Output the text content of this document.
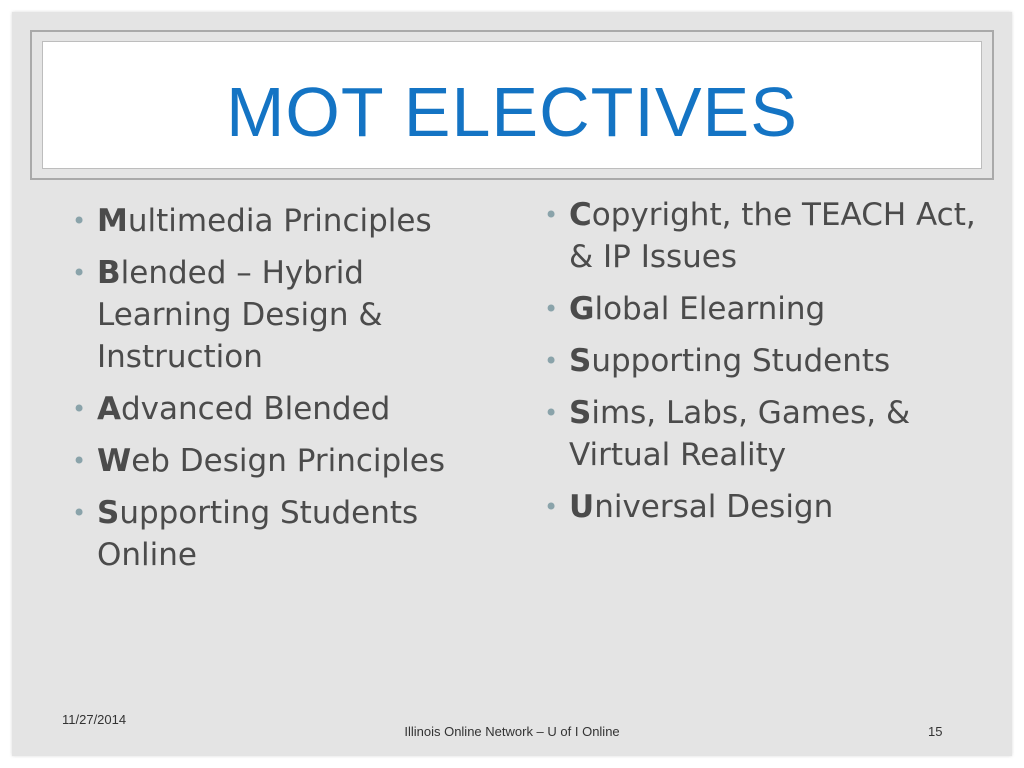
MOT ELECTIVES
• Multimedia Principles
• Blended – Hybrid Learning Design & Instruction
• Advanced Blended
• Web Design Principles
• Supporting Students Online
• Copyright, the TEACH Act, & IP Issues
• Global Elearning
• Supporting Students
• Sims, Labs, Games, & Virtual Reality
• Universal Design
11/27/2014
Illinois Online Network – U of I Online	15
